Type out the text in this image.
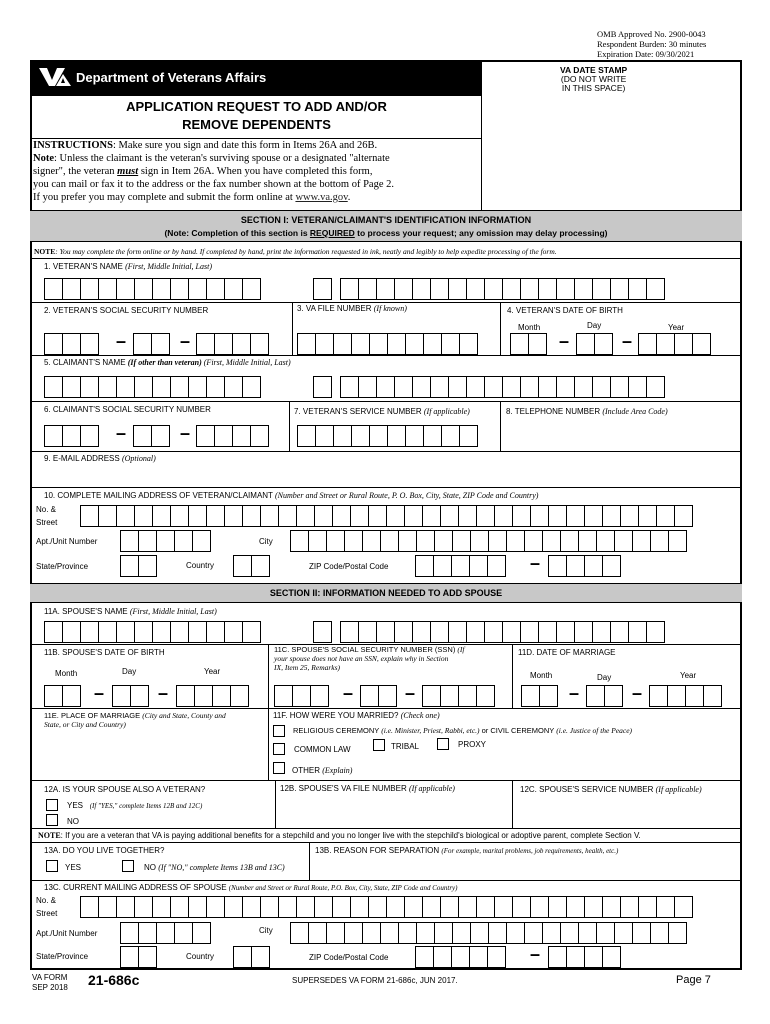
OMB Approved No. 2900-0043
Respondent Burden: 30 minutes
Expiration Date: 09/30/2021
Department of Veterans Affairs	VA DATE STAMP
(DO NOT WRITE
IN THIS SPACE)
APPLICATION REQUEST TO ADD AND/OR
REMOVE DEPENDENTS
INSTRUCTIONS: Make sure you sign and date this form in Items 26A and 26B.
Note: Unless the claimant is the veteran's surviving spouse or a designated "alternate
signer", the veteran must sign in Item 26A. When you have completed this form,
you can mail or fax it to the address or the fax number shown at the bottom of Page 2.
If you prefer you may complete and submit the form online at www.va.gov.
SECTION I: VETERAN/CLAIMANT'S IDENTIFICATION INFORMATION
(Note: Completion of this section is REQUIRED to process your request; any omission may delay processing)
NOTE: You may complete the form online or by hand. If completed by hand, print the information requested in ink, neatly and legibly to help expedite processing of the form.
1. VETERAN'S NAME (First, Middle Initial, Last)
2. VETERAN'S SOCIAL SECURITY NUMBER	3. VA FILE NUMBER (If known)	4. VETERAN'S DATE OF BIRTH
–	–
Month	Day	Year
–	–
5. CLAIMANT'S NAME (If other than veteran) (First, Middle Initial, Last)
6. CLAIMANT'S SOCIAL SECURITY NUMBER	7. VETERAN'S SERVICE NUMBER (If applicable)	8. TELEPHONE NUMBER (Include Area Code)
–	–
9. E-MAIL ADDRESS (Optional)
10. COMPLETE MAILING ADDRESS OF VETERAN/CLAIMANT (Number and Street or Rural Route, P. O. Box, City, State, ZIP Code and Country)
No. &
Street
Apt./Unit Number	City
State/Province	Country	ZIP Code/Postal Code	–
SECTION II: INFORMATION NEEDED TO ADD SPOUSE
11A. SPOUSE'S NAME (First, Middle Initial, Last)
11B. SPOUSE'S DATE OF BIRTH
Month	Day	Year
–	–
11C. SPOUSE'S SOCIAL SECURITY NUMBER (SSN) (If
your spouse does not have an SSN, explain why in Section
IX, Item 25, Remarks)
–	–
11D. DATE OF MARRIAGE
Month	Day	Year
–	–
11E. PLACE OF MARRIAGE (City and State, County and
State, or City and Country)
11F. HOW WERE YOU MARRIED? (Check one)
RELIGIOUS CEREMONY (i.e. Minister, Priest, Rabbi, etc.) or CIVIL CEREMONY (i.e. Justice of the Peace)
COMMON LAW	TRIBAL	PROXY
OTHER (Explain)
12A. IS YOUR SPOUSE ALSO A VETERAN?
YES (If "YES," complete Items 12B and 12C)
NO
12B. SPOUSE'S VA FILE NUMBER (If applicable)	12C. SPOUSE'S SERVICE NUMBER (If applicable)
NOTE: If you are a veteran that VA is paying additional benefits for a stepchild and you no longer live with the stepchild's biological or adoptive parent, complete Section V.
13A. DO YOU LIVE TOGETHER?
YES	NO (If "NO," complete Items 13B and 13C)
13B. REASON FOR SEPARATION (For example, marital problems, job requirements, health, etc.)
13C. CURRENT MAILING ADDRESS OF SPOUSE (Number and Street or Rural Route, P.O. Box, City, State, ZIP Code and Country)
No. &
Street
Apt./Unit Number	City
State/Province	Country	ZIP Code/Postal Code	–
VA FORM
SEP 2018 21-686c	SUPERSEDES VA FORM 21-686c, JUN 2017.	Page 7
